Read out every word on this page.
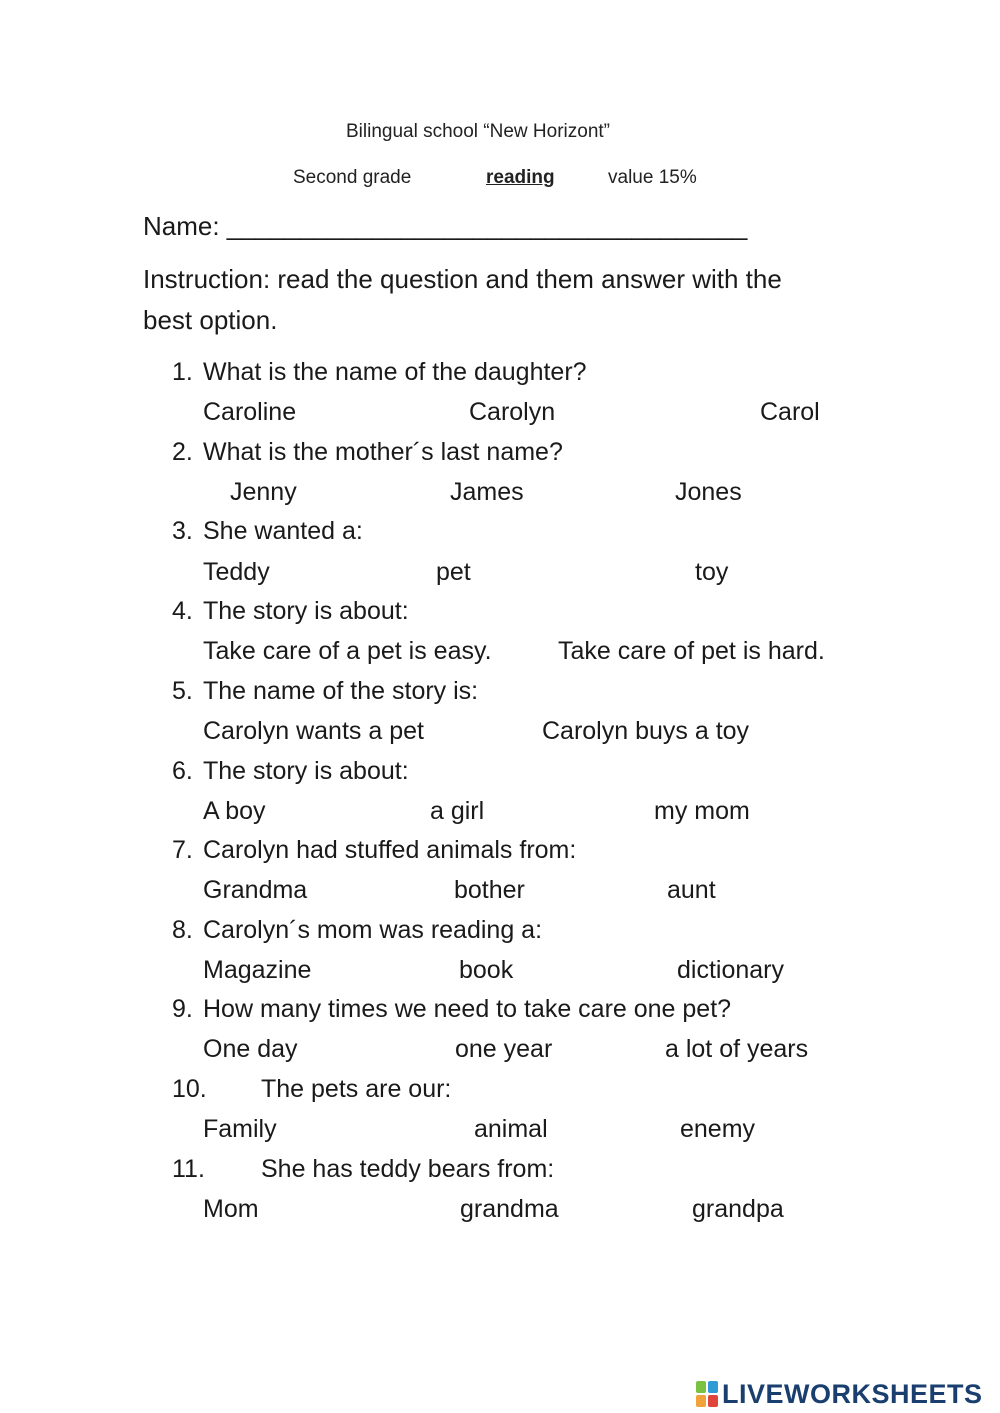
Bilingual school “New Horizont”
Second grade	reading	value 15%
Name: ____________________________________
Instruction: read the question and them answer with the
best option.
1. What is the name of the daughter?
Caroline	Carolyn	Carol
2. What is the mother´s last name?
Jenny	James	Jones
3. She wanted a:
Teddy	pet	toy
4. The story is about:
Take care of a pet is easy.	Take care of pet is hard.
5. The name of the story is:
Carolyn wants a pet	Carolyn buys a toy
6. The story is about:
A boy	a girl	my mom
7. Carolyn had stuffed animals from:
Grandma	bother	aunt
8. Carolyn´s mom was reading a:
Magazine	book	dictionary
9. How many times we need to take care one pet?
One day	one year	a lot of years
10. The pets are our:
Family	animal	enemy
11. She has teddy bears from:
Mom	grandma	grandpa
LIVEWORKSHEETS
